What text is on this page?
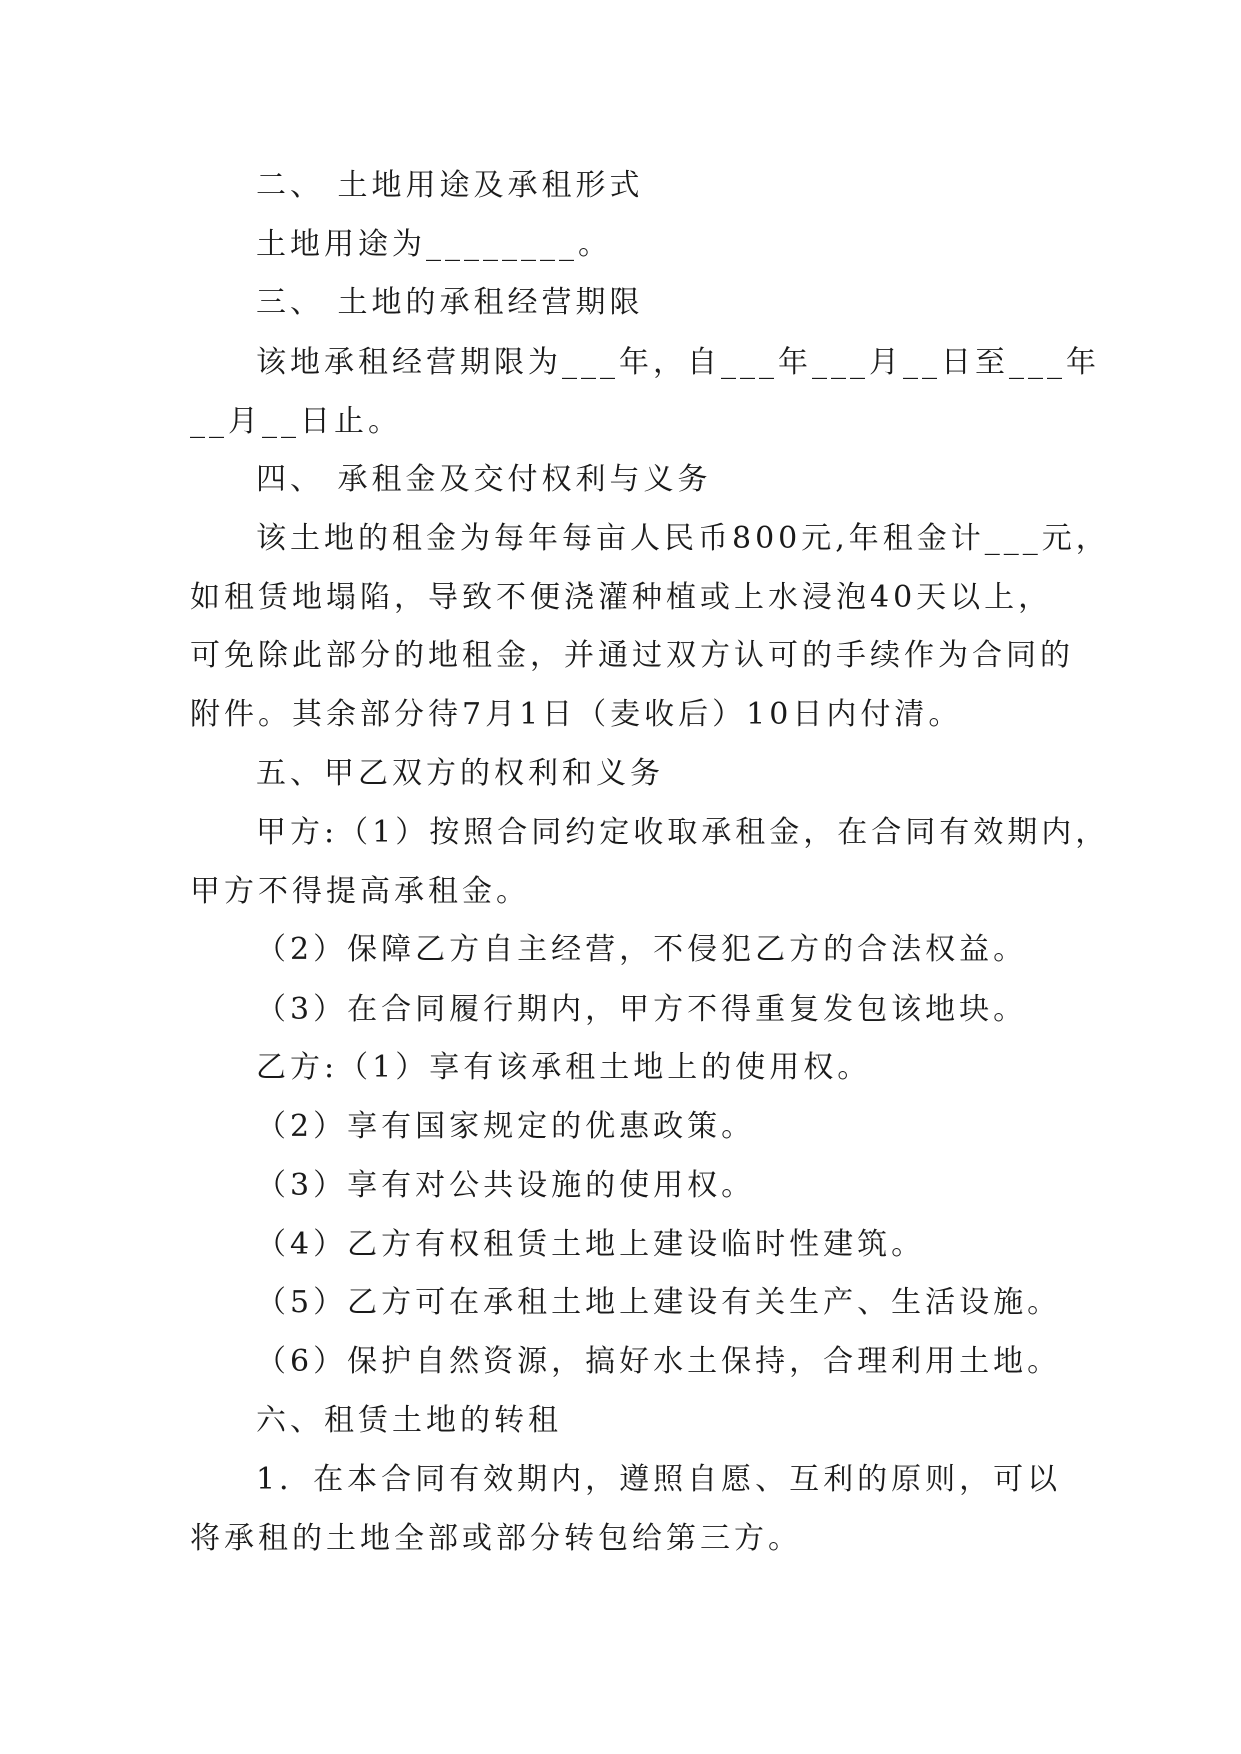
二、 土地用途及承租形式
土地用途为________。
三、 土地的承租经营期限
该地承租经营期限为___年，自___年___月__日至___年
__月__日止。
四、 承租金及交付权利与义务
该土地的租金为每年每亩人民币800元,年租金计___元，
如租赁地塌陷，导致不便浇灌种植或上水浸泡40天以上，
可免除此部分的地租金，并通过双方认可的手续作为合同的
附件。其余部分待7月1日（麦收后）10日内付清。
五、甲乙双方的权利和义务
甲方:（1）按照合同约定收取承租金，在合同有效期内，
甲方不得提高承租金。
（2）保障乙方自主经营，不侵犯乙方的合法权益。
（3）在合同履行期内，甲方不得重复发包该地块。
乙方:（1）享有该承租土地上的使用权。
（2）享有国家规定的优惠政策。
（3）享有对公共设施的使用权。
（4）乙方有权租赁土地上建设临时性建筑。
（5）乙方可在承租土地上建设有关生产、生活设施。
（6）保护自然资源，搞好水土保持，合理利用土地。
六、租赁土地的转租
1．在本合同有效期内，遵照自愿、互利的原则，可以
将承租的土地全部或部分转包给第三方。
